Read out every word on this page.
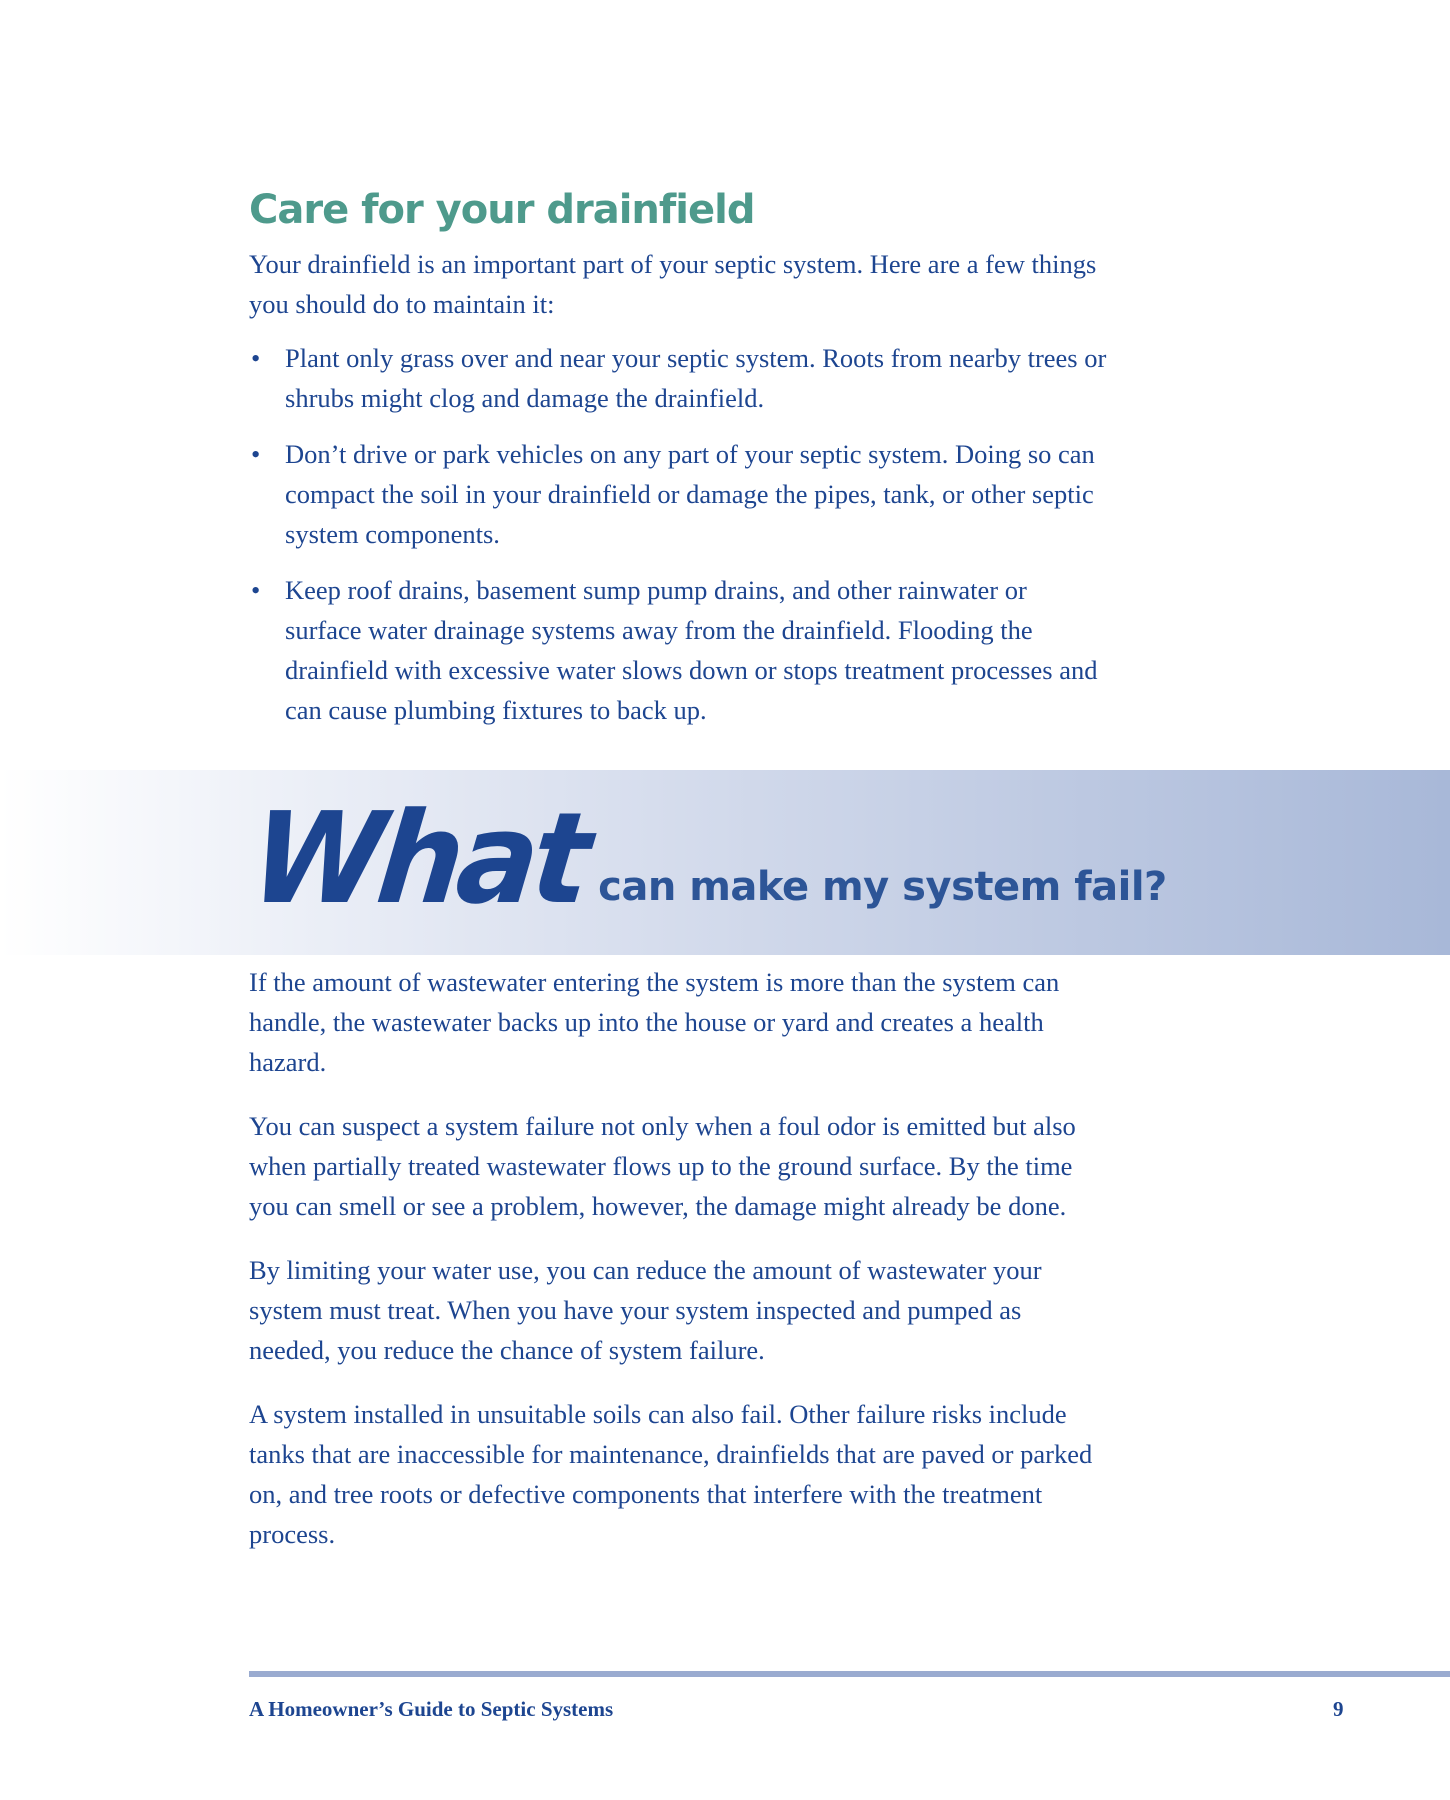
Care for your drainfield

Your drainfield is an important part of your septic system. Here are a few things you should do to maintain it:

• Plant only grass over and near your septic system. Roots from nearby trees or shrubs might clog and damage the drainfield.
• Don’t drive or park vehicles on any part of your septic system. Doing so can compact the soil in your drainfield or damage the pipes, tank, or other septic system components.
• Keep roof drains, basement sump pump drains, and other rainwater or surface water drainage systems away from the drainfield. Flooding the drainfield with excessive water slows down or stops treatment processes and can cause plumbing fixtures to back up.
What can make my system fail?

If the amount of wastewater entering the system is more than the system can handle, the wastewater backs up into the house or yard and creates a health hazard.

You can suspect a system failure not only when a foul odor is emitted but also when partially treated wastewater flows up to the ground surface. By the time you can smell or see a problem, however, the damage might already be done.

By limiting your water use, you can reduce the amount of wastewater your system must treat. When you have your system inspected and pumped as needed, you reduce the chance of system failure.

A system installed in unsuitable soils can also fail. Other failure risks include tanks that are inaccessible for maintenance, drainfields that are paved or parked on, and tree roots or defective components that interfere with the treatment process.

A Homeowner’s Guide to Septic Systems	9
